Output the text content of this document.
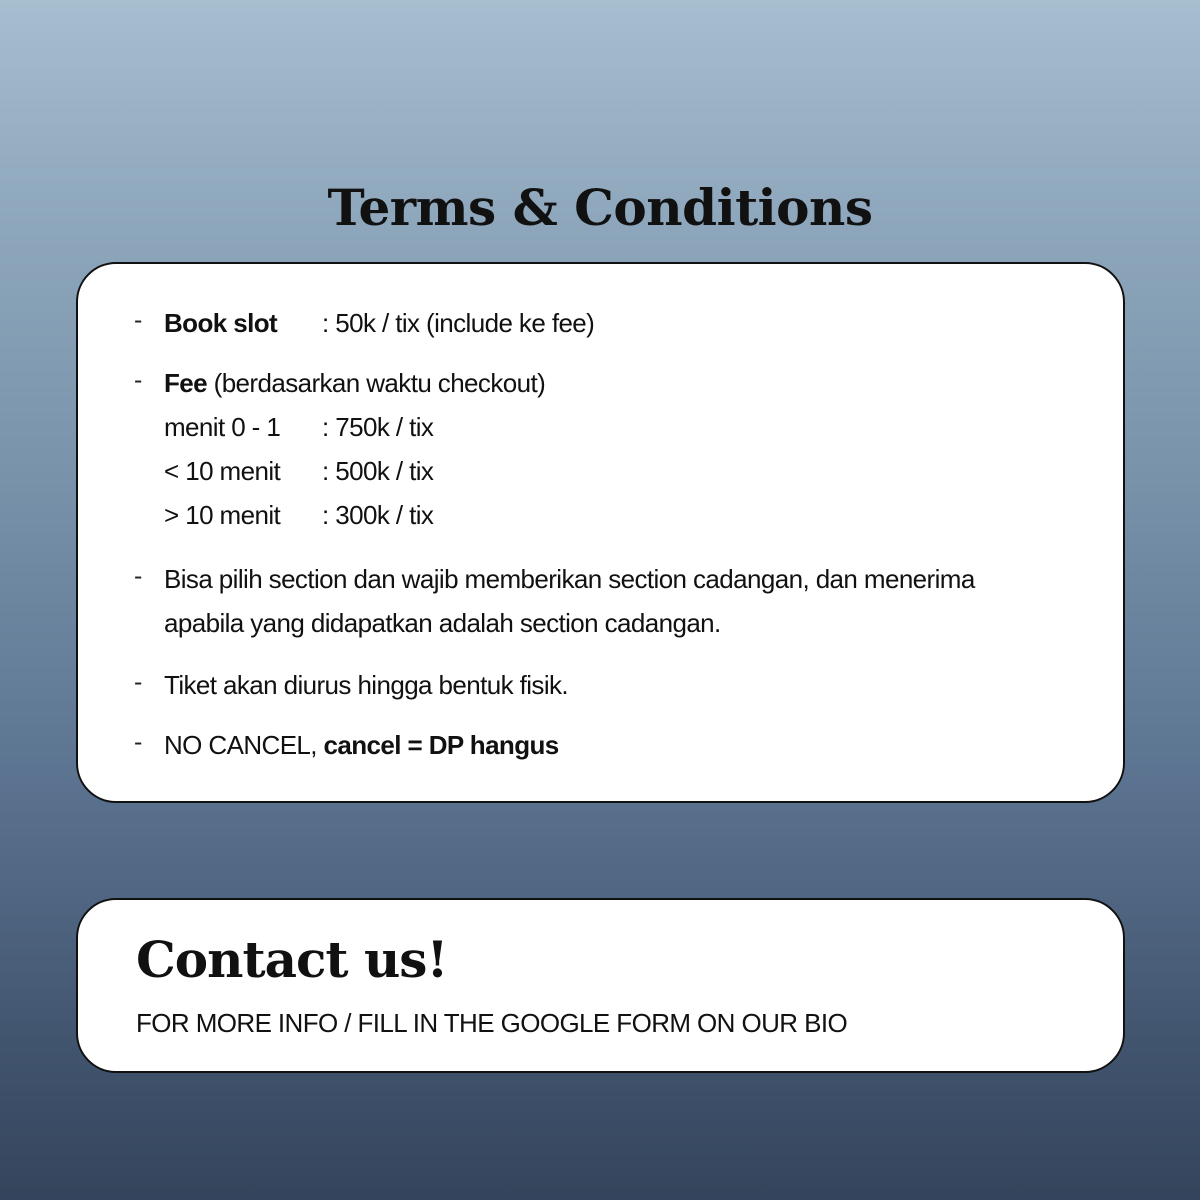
Terms & Conditions
- Book slot : 50k / tix (include ke fee)
- Fee (berdasarkan waktu checkout)
menit 0 - 1 : 750k / tix
< 10 menit : 500k / tix
> 10 menit : 300k / tix
- Bisa pilih section dan wajib memberikan section cadangan, dan menerima
apabila yang didapatkan adalah section cadangan.
- Tiket akan diurus hingga bentuk fisik.
- NO CANCEL, cancel = DP hangus
Contact us!
FOR MORE INFO / FILL IN THE GOOGLE FORM ON OUR BIO
